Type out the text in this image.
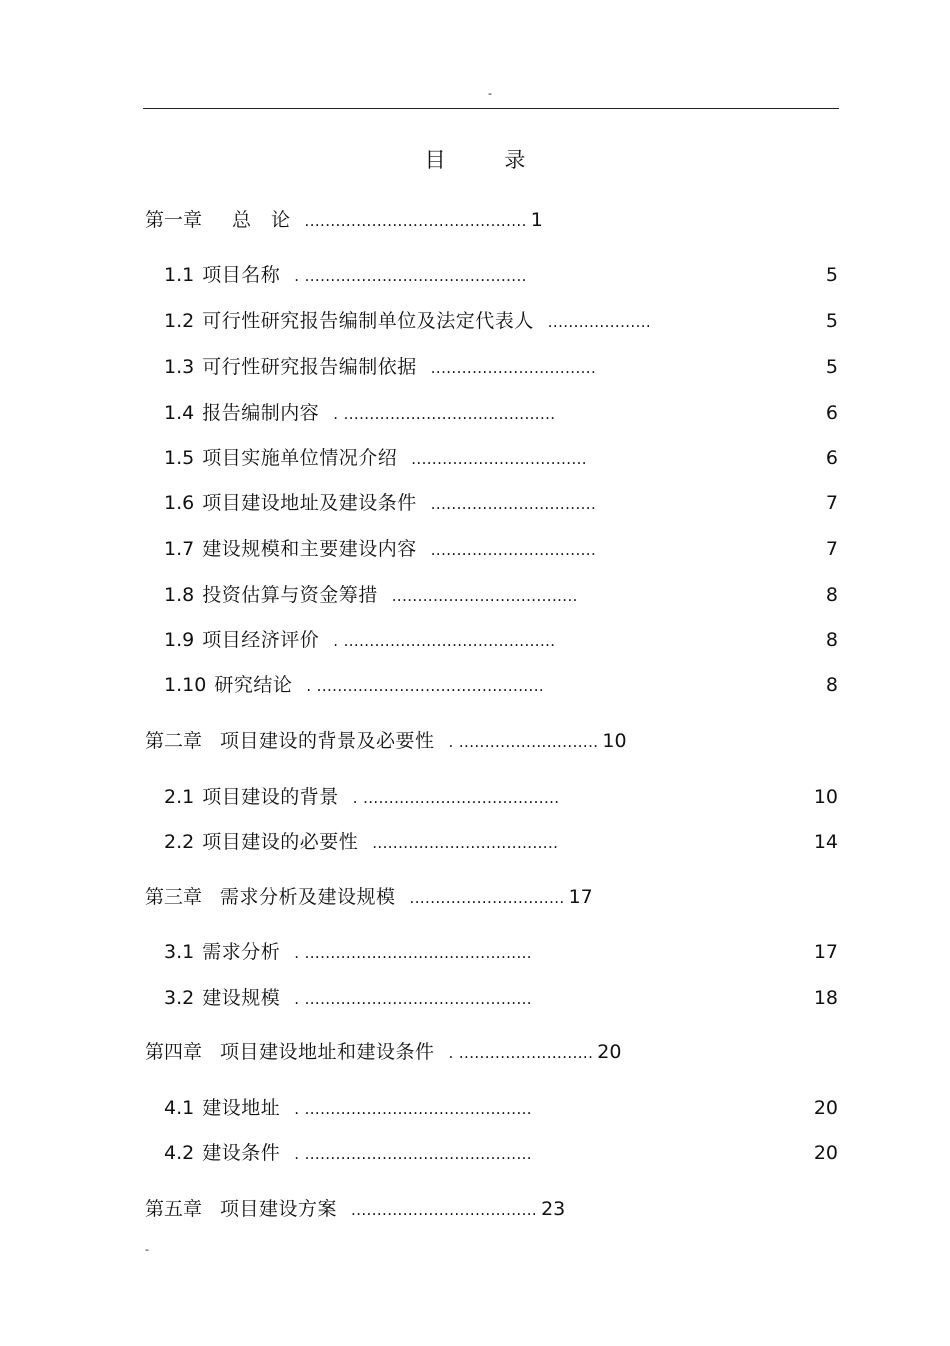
-
目 录
第一章 总　论 ........................................... 1
1.1 项目名称 . ...........................................	5
1.2 可行性研究报告编制单位及法定代表人 ....................	5
1.3 可行性研究报告编制依据 ................................	5
1.4 报告编制内容 . .........................................	6
1.5 项目实施单位情况介绍 ..................................	6
1.6 项目建设地址及建设条件 ................................	7
1.7 建设规模和主要建设内容 ................................	7
1.8 投资估算与资金筹措 ....................................	8
1.9 项目经济评价 . .........................................	8
1.10 研究结论 . ............................................	8
第二章 项目建设的背景及必要性 . ........................... 10
2.1 项目建设的背景 . ......................................	10
2.2 项目建设的必要性 ....................................	14
第三章 需求分析及建设规模 .............................. 17
3.1 需求分析 . ............................................	17
3.2 建设规模 . ............................................	18
第四章 项目建设地址和建设条件 . .......................... 20
4.1 建设地址 . ............................................	20
4.2 建设条件 . ............................................	20
第五章 项目建设方案 .................................... 23
-
